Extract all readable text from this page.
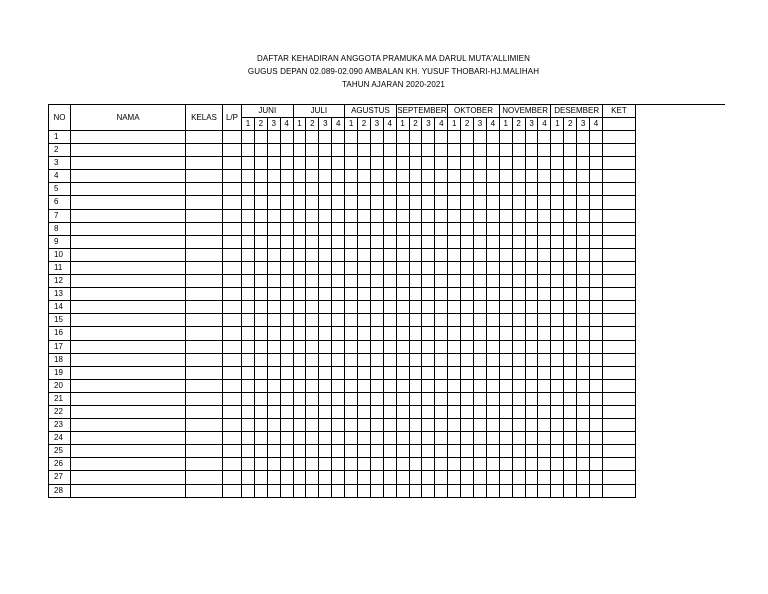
DAFTAR KEHADIRAN ANGGOTA PRAMUKA MA DARUL MUTA'ALLIMIEN
GUGUS DEPAN 02.089-02.090 AMBALAN KH. YUSUF THOBARI-HJ.MALIHAH
TAHUN AJARAN 2020-2021
NO	NAMA	KELAS	L/P	JUNI				JULI				AGUSTUS				SEPTEMBER				OKTOBER				NOVEMBER				DESEMBER				KET
				1	2	3	4	1	2	3	4	1	2	3	4	1	2	3	4	1	2	3	4	1	2	3	4	1	2	3	4	
1																																
2																																
3																																
4																																
5																																
6																																
7																																
8																																
9																																
10																																
11																																
12																																
13																																
14																																
15																																
16																																
17																																
18																																
19																																
20																																
21																																
22																																
23																																
24																																
25																																
26																																
27																																
28																																
